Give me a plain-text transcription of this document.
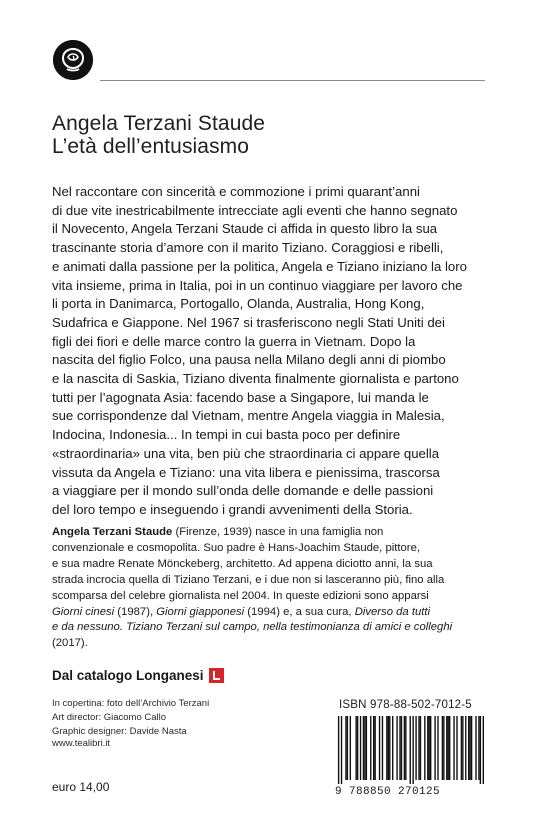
Angela Terzani Staude
L’età dell’entusiasmo
Nel raccontare con sincerità e commozione i primi quarant’anni
di due vite inestricabilmente intrecciate agli eventi che hanno segnato
il Novecento, Angela Terzani Staude ci affida in questo libro la sua
trascinante storia d’amore con il marito Tiziano. Coraggiosi e ribelli,
e animati dalla passione per la politica, Angela e Tiziano iniziano la loro
vita insieme, prima in Italia, poi in un continuo viaggiare per lavoro che
li porta in Danimarca, Portogallo, Olanda, Australia, Hong Kong,
Sudafrica e Giappone. Nel 1967 si trasferiscono negli Stati Uniti dei
figli dei fiori e delle marce contro la guerra in Vietnam. Dopo la
nascita del figlio Folco, una pausa nella Milano degli anni di piombo
e la nascita di Saskia, Tiziano diventa finalmente giornalista e partono
tutti per l’agognata Asia: facendo base a Singapore, lui manda le
sue corrispondenze dal Vietnam, mentre Angela viaggia in Malesia,
Indocina, Indonesia... In tempi in cui basta poco per definire
«straordinaria» una vita, ben più che straordinaria ci appare quella
vissuta da Angela e Tiziano: una vita libera e pienissima, trascorsa
a viaggiare per il mondo sull’onda delle domande e delle passioni
del loro tempo e inseguendo i grandi avvenimenti della Storia.
Angela Terzani Staude (Firenze, 1939) nasce in una famiglia non
convenzionale e cosmopolita. Suo padre è Hans-Joachim Staude, pittore,
e sua madre Renate Mönckeberg, architetto. Ad appena diciotto anni, la sua
strada incrocia quella di Tiziano Terzani, e i due non si lasceranno più, fino alla
scomparsa del celebre giornalista nel 2004. In queste edizioni sono apparsi
Giorni cinesi (1987), Giorni giapponesi (1994) e, a sua cura, Diverso da tutti
e da nessuno. Tiziano Terzani sul campo, nella testimonianza di amici e colleghi
(2017).
Dal catalogo Longanesi
In copertina: foto dell’Archivio Terzani
Art director: Giacomo Callo
Graphic designer: Davide Nasta
www.tealibri.it
euro 14,00
ISBN 978-88-502-7012-5
9 788850 270125
